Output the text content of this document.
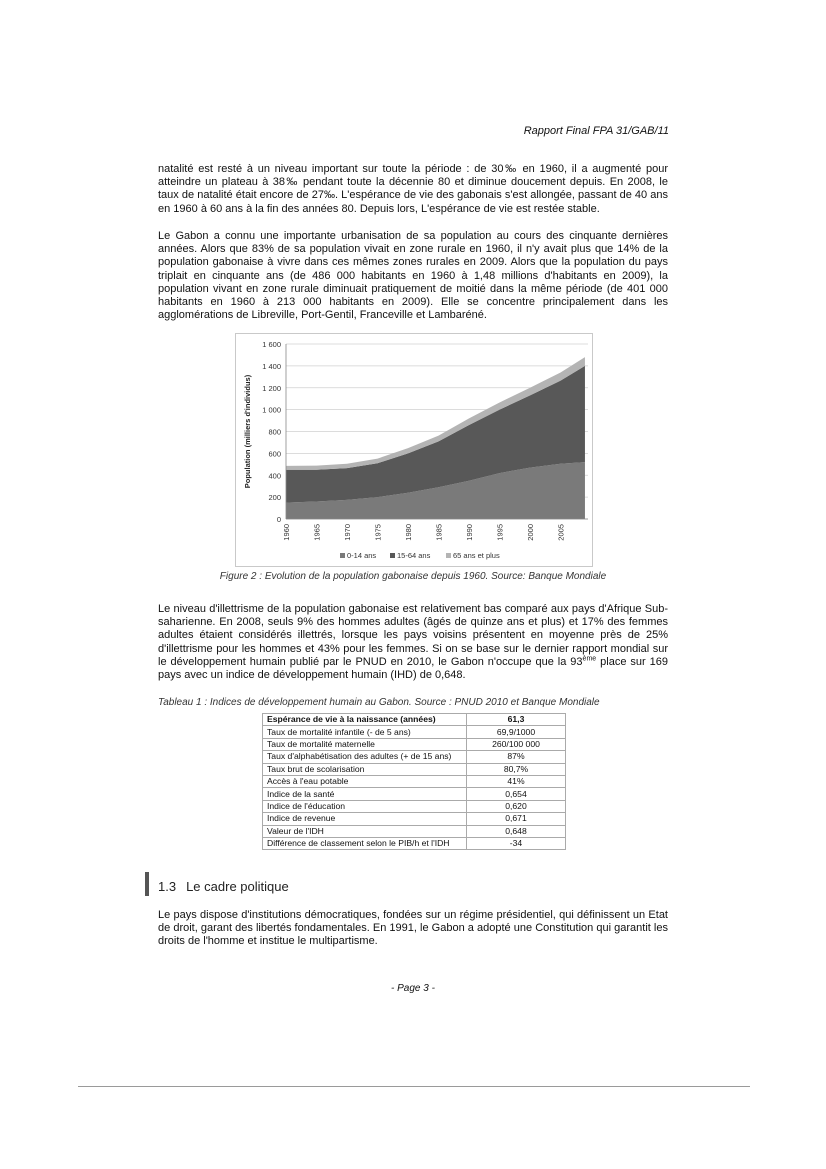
Rapport Final FPA 31/GAB/11

natalité est resté à un niveau important sur toute la période : de 30‰ en 1960, il a augmenté pour atteindre un plateau à 38‰ pendant toute la décennie 80 et diminue doucement depuis. En 2008, le taux de natalité était encore de 27‰. L'espérance de vie des gabonais s'est allongée, passant de 40 ans en 1960 à 60 ans à la fin des années 80. Depuis lors, L'espérance de vie est restée stable.

Le Gabon a connu une importante urbanisation de sa population au cours des cinquante dernières années. Alors que 83% de sa population vivait en zone rurale en 1960, il n'y avait plus que 14% de la population gabonaise à vivre dans ces mêmes zones rurales en 2009. Alors que la population du pays triplait en cinquante ans (de 486 000 habitants en 1960 à 1,48 millions d'habitants en 2009), la population vivant en zone rurale diminuait pratiquement de moitié dans la même période (de 401 000 habitants en 1960 à 213 000 habitants en 2009). Elle se concentre principalement dans les agglomérations de Libreville, Port-Gentil, Franceville et Lambaréné.

0
200
400
600
800
1 000
1 200
1 400
1 600
1960	1965	1970	1975	1980	1985	1990	1995	2000	2005
Population (milliers d'individus)
0-14 ans	15-64 ans	65 ans et plus
Figure 2 : Evolution de la population gabonaise depuis 1960. Source: Banque Mondiale

Le niveau d'illettrisme de la population gabonaise est relativement bas comparé aux pays d'Afrique Sub-saharienne. En 2008, seuls 9% des hommes adultes (âgés de quinze ans et plus) et 17% des femmes adultes étaient considérés illettrés, lorsque les pays voisins présentent en moyenne près de 25% d'illettrisme pour les hommes et 43% pour les femmes. Si on se base sur le dernier rapport mondial sur le développement humain publié par le PNUD en 2010, le Gabon n'occupe que la 93ème place sur 169 pays avec un indice de développement humain (IHD) de 0,648.

Tableau 1 : Indices de développement humain au Gabon. Source : PNUD 2010 et Banque Mondiale
Espérance de vie à la naissance (années)	61,3
Taux de mortalité infantile (- de 5 ans)	69,9/1000
Taux de mortalité maternelle	260/100 000
Taux d'alphabétisation des adultes (+ de 15 ans)	87%
Taux brut de scolarisation	80,7%
Accès à l'eau potable	41%
Indice de la santé	0,654
Indice de l'éducation	0,620
Indice de revenue	0,671
Valeur de l'IDH	0,648
Différence de classement selon le PIB/h et l'IDH	-34
1.3 Le cadre politique

Le pays dispose d'institutions démocratiques, fondées sur un régime présidentiel, qui définissent un Etat de droit, garant des libertés fondamentales. En 1991, le Gabon a adopté une Constitution qui garantit les droits de l'homme et institue le multipartisme.

- Page 3 -
